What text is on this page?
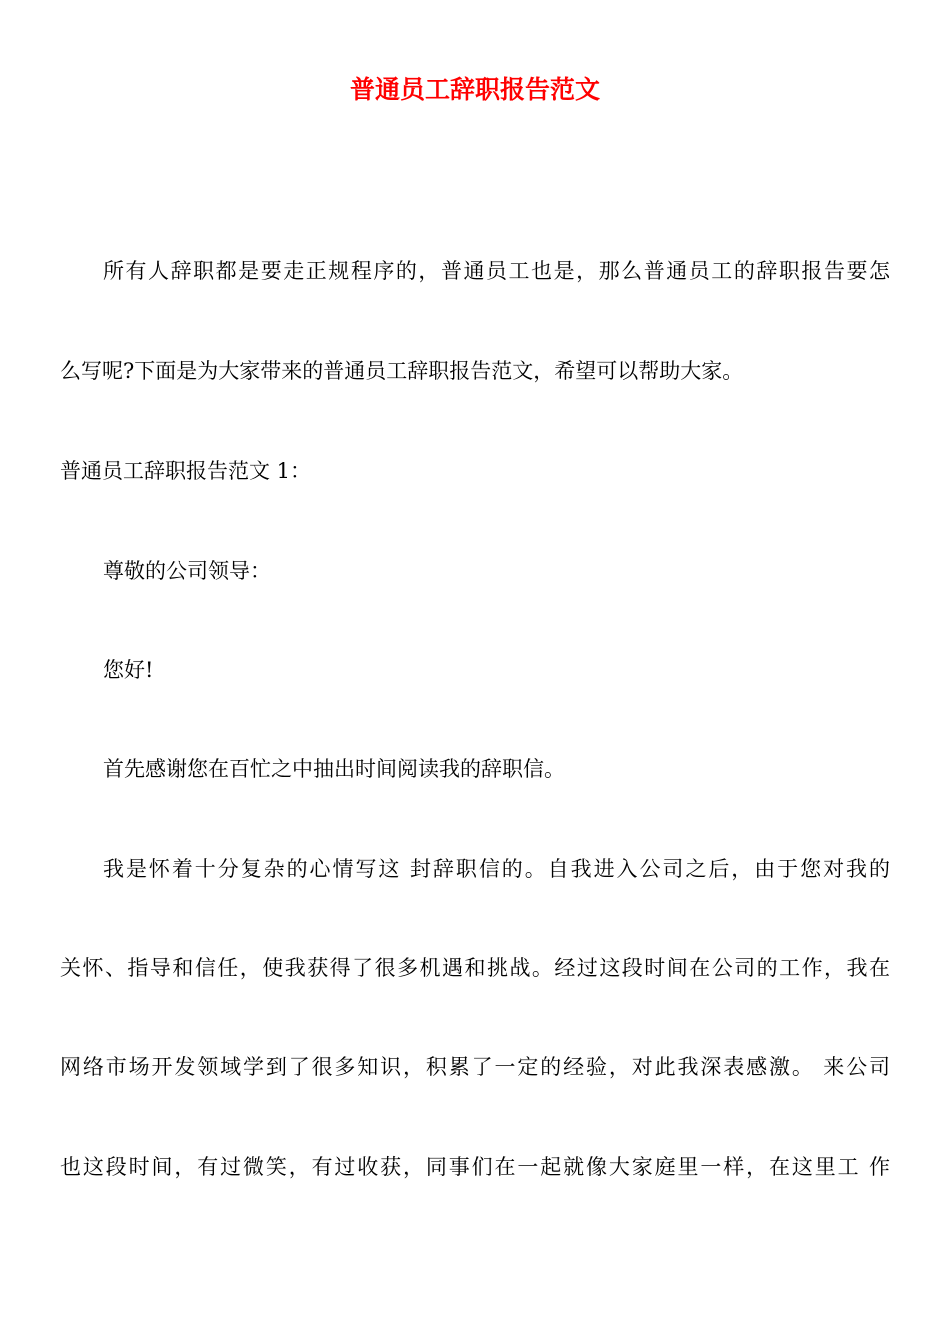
普通员工辞职报告范文
所有人辞职都是要走正规程序的，普通员工也是，那么普通员工的辞职报告要怎
么写呢?下面是为大家带来的普通员工辞职报告范文，希望可以帮助大家。
普通员工辞职报告范文 1：
尊敬的公司领导：
您好!
首先感谢您在百忙之中抽出时间阅读我的辞职信。
我是怀着十分复杂的心情写这 封辞职信的。自我进入公司之后，由于您对我的
关怀、指导和信任，使我获得了很多机遇和挑战。经过这段时间在公司的工作，我在
网络市场开发领域学到了很多知识，积累了一定的经验，对此我深表感激。 来公司
也这段时间，有过微笑，有过收获，同事们在一起就像大家庭里一样，在这里工 作
